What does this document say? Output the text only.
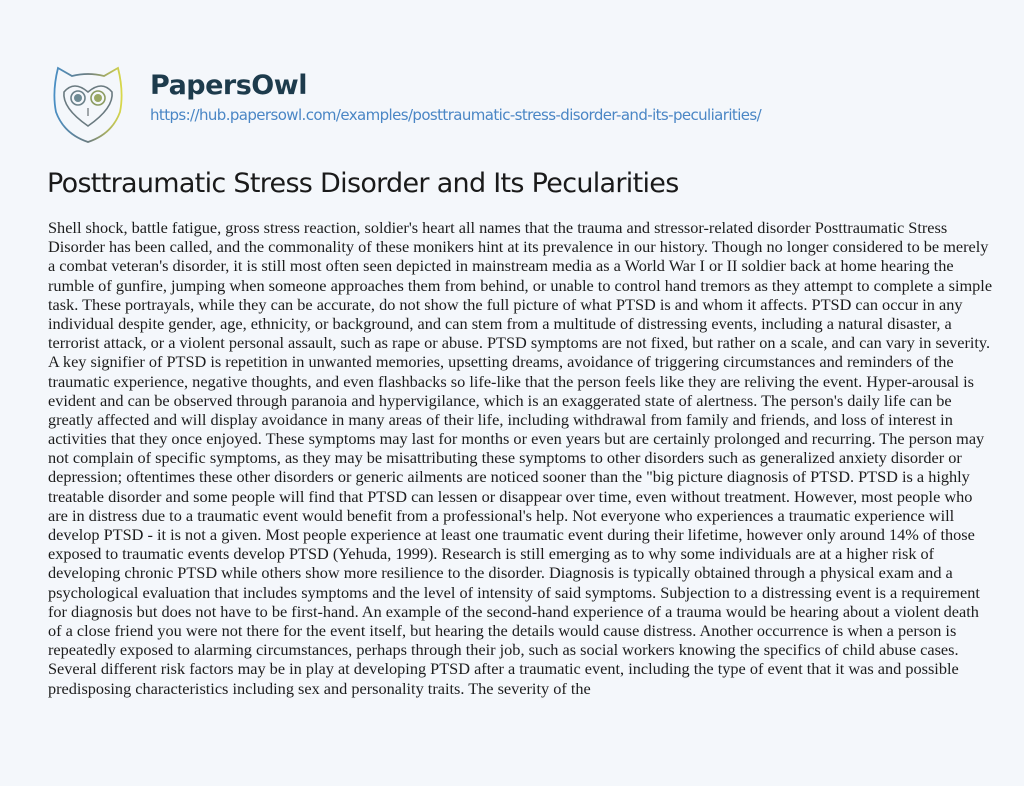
PapersOwl
https://hub.papersowl.com/examples/posttraumatic-stress-disorder-and-its-peculiarities/
Posttraumatic Stress Disorder and Its Pecularities
Shell shock, battle fatigue, gross stress reaction, soldier's heart all names that the trauma and stressor-related disorder Posttraumatic Stress
Disorder has been called, and the commonality of these monikers hint at its prevalence in our history. Though no longer considered to be merely
a combat veteran's disorder, it is still most often seen depicted in mainstream media as a World War I or II soldier back at home hearing the
rumble of gunfire, jumping when someone approaches them from behind, or unable to control hand tremors as they attempt to complete a simple
task. These portrayals, while they can be accurate, do not show the full picture of what PTSD is and whom it affects. PTSD can occur in any
individual despite gender, age, ethnicity, or background, and can stem from a multitude of distressing events, including a natural disaster, a
terrorist attack, or a violent personal assault, such as rape or abuse. PTSD symptoms are not fixed, but rather on a scale, and can vary in severity.
A key signifier of PTSD is repetition in unwanted memories, upsetting dreams, avoidance of triggering circumstances and reminders of the
traumatic experience, negative thoughts, and even flashbacks so life-like that the person feels like they are reliving the event. Hyper-arousal is
evident and can be observed through paranoia and hypervigilance, which is an exaggerated state of alertness. The person's daily life can be
greatly affected and will display avoidance in many areas of their life, including withdrawal from family and friends, and loss of interest in
activities that they once enjoyed. These symptoms may last for months or even years but are certainly prolonged and recurring. The person may
not complain of specific symptoms, as they may be misattributing these symptoms to other disorders such as generalized anxiety disorder or
depression; oftentimes these other disorders or generic ailments are noticed sooner than the "big picture diagnosis of PTSD. PTSD is a highly
treatable disorder and some people will find that PTSD can lessen or disappear over time, even without treatment. However, most people who
are in distress due to a traumatic event would benefit from a professional's help. Not everyone who experiences a traumatic experience will
develop PTSD - it is not a given. Most people experience at least one traumatic event during their lifetime, however only around 14% of those
exposed to traumatic events develop PTSD (Yehuda, 1999). Research is still emerging as to why some individuals are at a higher risk of
developing chronic PTSD while others show more resilience to the disorder. Diagnosis is typically obtained through a physical exam and a
psychological evaluation that includes symptoms and the level of intensity of said symptoms. Subjection to a distressing event is a requirement
for diagnosis but does not have to be first-hand. An example of the second-hand experience of a trauma would be hearing about a violent death
of a close friend you were not there for the event itself, but hearing the details would cause distress. Another occurrence is when a person is
repeatedly exposed to alarming circumstances, perhaps through their job, such as social workers knowing the specifics of child abuse cases.
Several different risk factors may be in play at developing PTSD after a traumatic event, including the type of event that it was and possible
predisposing characteristics including sex and personality traits. The severity of the
